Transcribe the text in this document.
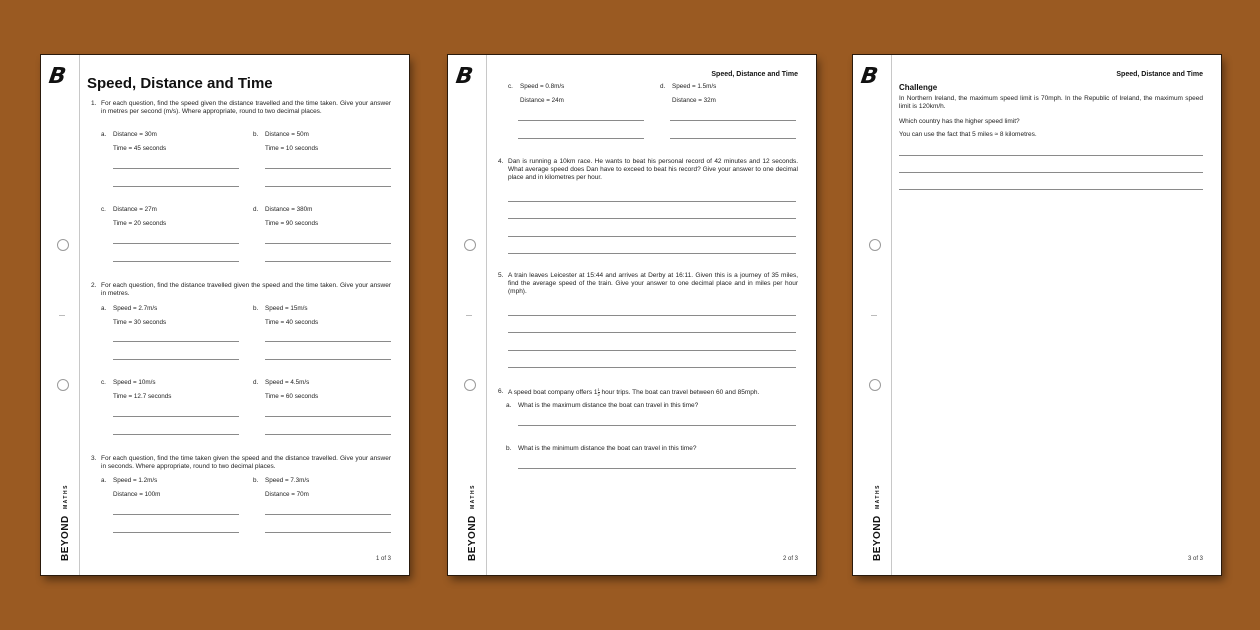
B
BEYOND
MATHS
Speed, Distance and Time
1. For each question, find the speed given the distance travelled and the time taken. Give your answer in metres per second (m/s). Where appropriate, round to two decimal places.
a. Distance = 30m
Time = 45 seconds
b. Distance = 50m
Time = 10 seconds
c. Distance = 27m
Time = 20 seconds
d. Distance = 380m
Time = 90 seconds
2. For each question, find the distance travelled given the speed and the time taken. Give your answer in metres.
a. Speed = 2.7m/s
Time = 30 seconds
b. Speed = 15m/s
Time = 40 seconds
c. Speed = 10m/s
Time = 12.7 seconds
d. Speed = 4.5m/s
Time = 60 seconds
3. For each question, find the time taken given the speed and the distance travelled. Give your answer in seconds. Where appropriate, round to two decimal places.
a. Speed = 1.2m/s
Distance = 100m
b. Speed = 7.3m/s
Distance = 70m
1 of 3
B
BEYOND
MATHS
Speed, Distance and Time
c. Speed = 0.8m/s
Distance = 24m
d. Speed = 1.5m/s
Distance = 32m
4. Dan is running a 10km race. He wants to beat his personal record of 42 minutes and 12 seconds. What average speed does Dan have to exceed to beat his record? Give your answer to one decimal place and in kilometres per hour.
5. A train leaves Leicester at 15:44 and arrives at Derby at 16:11. Given this is a journey of 35 miles, find the average speed of the train. Give your answer to one decimal place and in miles per hour (mph).
6. A speed boat company offers $1 \frac{1}{2}$ hour trips. The boat can travel between 60 and 85mph.
a. What is the maximum distance the boat can travel in this time?
b. What is the minimum distance the boat can travel in this time?
2 of 3
B
BEYOND
MATHS
Speed, Distance and Time
Challenge
In Northern Ireland, the maximum speed limit is 70mph. In the Republic of Ireland, the maximum speed limit is 120km/h.
Which country has the higher speed limit?
You can use the fact that 5 miles ≈ 8 kilometres.
3 of 3
